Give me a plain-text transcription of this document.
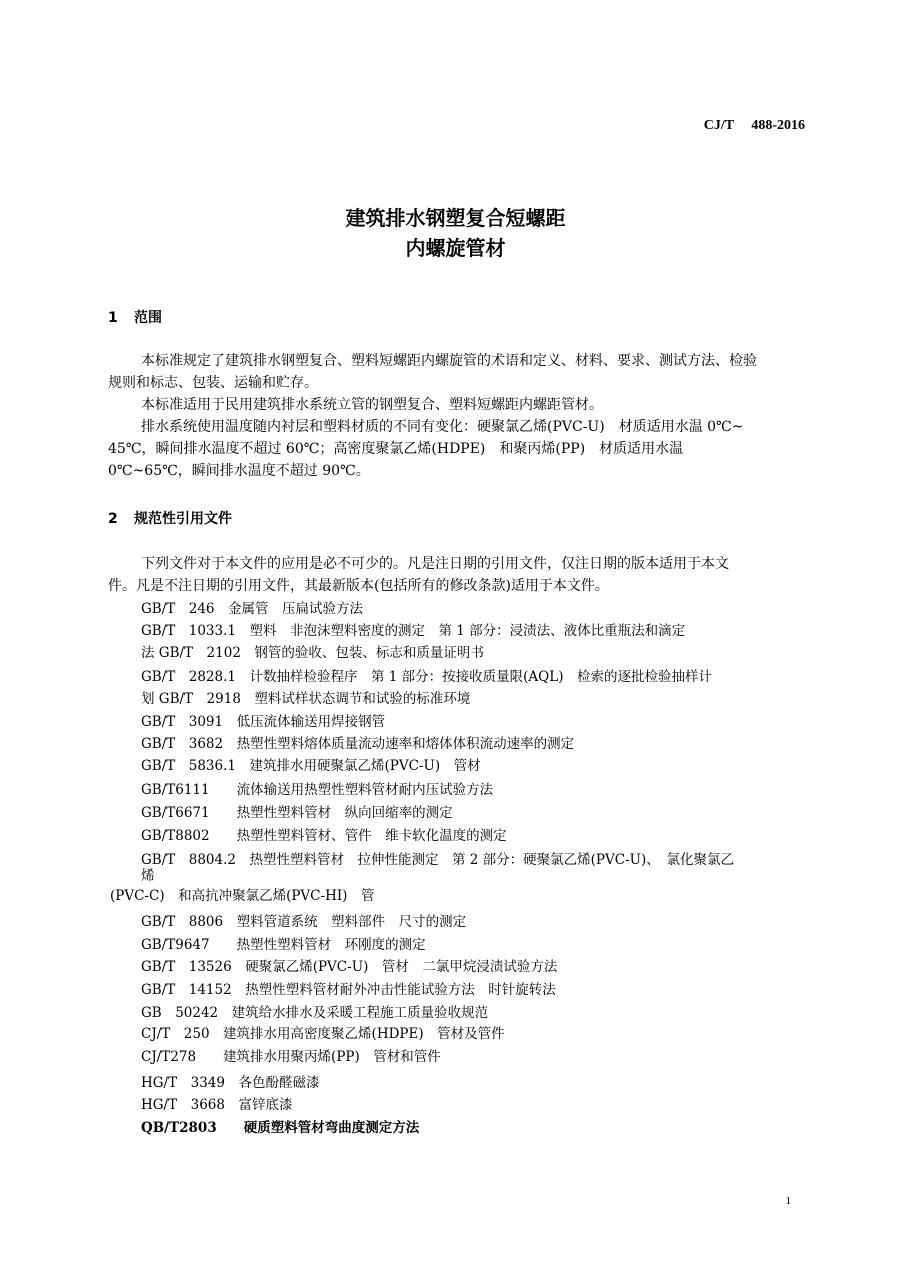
CJ/T 488-2016
建筑排水钢塑复合短螺距
内螺旋管材
1 范围
本标准规定了建筑排水钢塑复合、塑料短螺距内螺旋管的术语和定义、材料、要求、测试方法、检验
规则和标志、包装、运输和贮存。
本标准适用于民用建筑排水系统立管的钢塑复合、塑料短螺距内螺距管材。
排水系统使用温度随内衬层和塑料材质的不同有变化：硬聚氯乙烯(PVC-U)　材质适用水温 0℃~
45℃，瞬间排水温度不超过 60℃；高密度聚氯乙烯(HDPE)　和聚丙烯(PP)　材质适用水温
0℃~65℃，瞬间排水温度不超过 90℃。
2 规范性引用文件
下列文件对于本文件的应用是必不可少的。凡是注日期的引用文件，仅注日期的版本适用于本文
件。凡是不注日期的引用文件，其最新版本(包括所有的修改条款)适用于本文件。
GB/T　246　金属管　压扁试验方法
GB/T　1033.1　塑料　非泡沫塑料密度的测定　第 1 部分：浸渍法、液体比重瓶法和滴定
法 GB/T　2102　钢管的验收、包装、标志和质量证明书
GB/T　2828.1　计数抽样检验程序　第 1 部分：按接收质量限(AQL)　检索的逐批检验抽样计
划 GB/T　2918　塑料试样状态调节和试验的标准环境
GB/T　3091　低压流体输送用焊接钢管
GB/T　3682　热塑性塑料熔体质量流动速率和熔体体积流动速率的测定
GB/T　5836.1　建筑排水用硬聚氯乙烯(PVC-U)　管材
GB/T6111　　流体输送用热塑性塑料管材耐内压试验方法
GB/T6671　　热塑性塑料管材　纵向回缩率的测定
GB/T8802　　热塑性塑料管材、管件　维卡软化温度的测定
GB/T　8804.2　热塑性塑料管材　拉伸性能测定　第 2 部分：硬聚氯乙烯(PVC-U)、　氯化聚氯乙
烯
(PVC-C)　和高抗冲聚氯乙烯(PVC-HI)　管
GB/T　8806　塑料管道系统　塑料部件　尺寸的测定
GB/T9647　　热塑性塑料管材　环刚度的测定
GB/T　13526　硬聚氯乙烯(PVC-U)　管材　二氯甲烷浸渍试验方法
GB/T　14152　热塑性塑料管材耐外冲击性能试验方法　时针旋转法
GB　50242　建筑给水排水及采暖工程施工质量验收规范
CJ/T　250　建筑排水用高密度聚乙烯(HDPE)　管材及管件
CJ/T278　　建筑排水用聚丙烯(PP)　管材和管件
HG/T　3349　各色酚醛磁漆
HG/T　3668　富锌底漆
QB/T2803　　硬质塑料管材弯曲度测定方法
1
